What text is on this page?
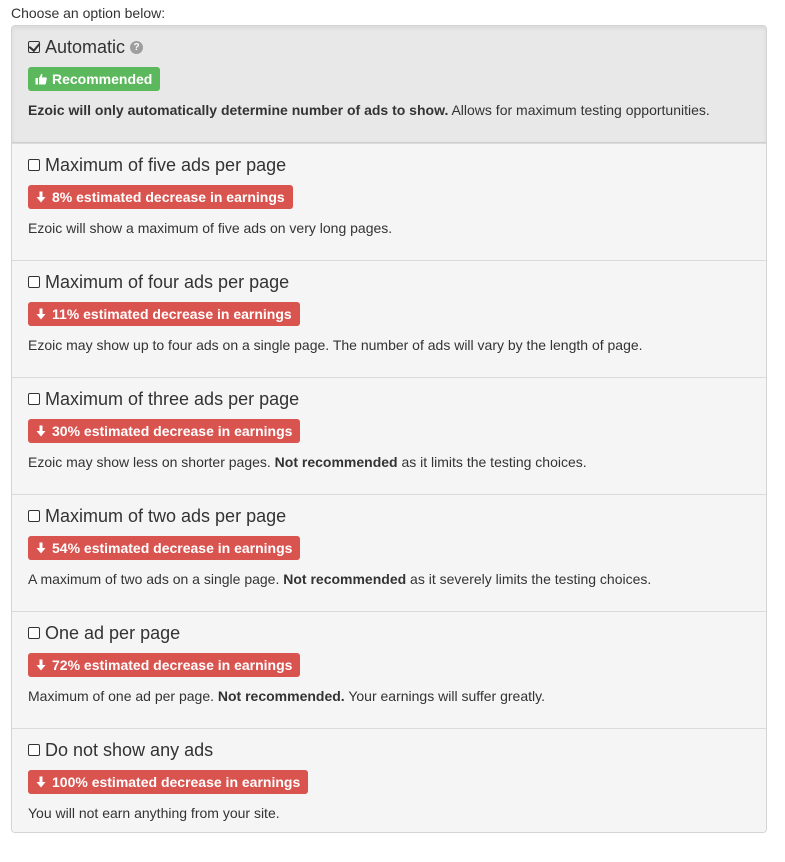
Choose an option below:
Automatic ?
Recommended
Ezoic will only automatically determine number of ads to show. Allows for maximum testing opportunities.
Maximum of five ads per page
8% estimated decrease in earnings
Ezoic will show a maximum of five ads on very long pages.
Maximum of four ads per page
11% estimated decrease in earnings
Ezoic may show up to four ads on a single page. The number of ads will vary by the length of page.
Maximum of three ads per page
30% estimated decrease in earnings
Ezoic may show less on shorter pages. Not recommended as it limits the testing choices.
Maximum of two ads per page
54% estimated decrease in earnings
A maximum of two ads on a single page. Not recommended as it severely limits the testing choices.
One ad per page
72% estimated decrease in earnings
Maximum of one ad per page. Not recommended. Your earnings will suffer greatly.
Do not show any ads
100% estimated decrease in earnings
You will not earn anything from your site.
